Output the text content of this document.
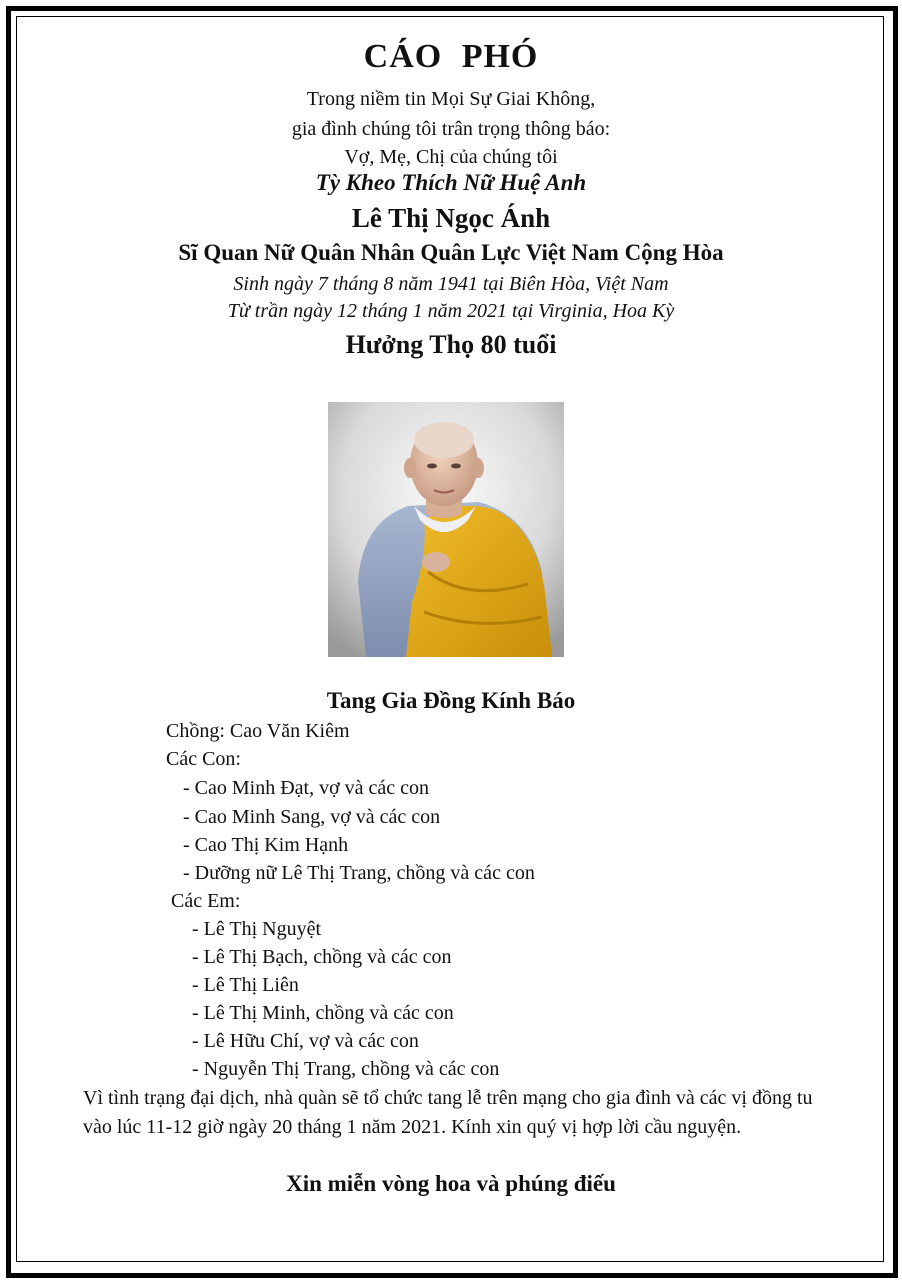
CÁO PHÓ
Trong niềm tin Mọi Sự Giai Không,
gia đình chúng tôi trân trọng thông báo:
Vợ, Mẹ, Chị của chúng tôi
Tỳ Kheo Thích Nữ Huệ Anh
Lê Thị Ngọc Ánh
Sĩ Quan Nữ Quân Nhân Quân Lực Việt Nam Cộng Hòa
Sinh ngày 7 tháng 8 năm 1941 tại Biên Hòa, Việt Nam
Từ trần ngày 12 tháng 1 năm 2021 tại Virginia, Hoa Kỳ
Hưởng Thọ 80 tuổi
Tang Gia Đồng Kính Báo
Chồng: Cao Văn Kiêm
Các Con:
- Cao Minh Đạt, vợ và các con
- Cao Minh Sang, vợ và các con
- Cao Thị Kim Hạnh
- Dưỡng nữ Lê Thị Trang, chồng và các con
Các Em:
- Lê Thị Nguyệt
- Lê Thị Bạch, chồng và các con
- Lê Thị Liên
- Lê Thị Minh, chồng và các con
- Lê Hữu Chí, vợ và các con
- Nguyễn Thị Trang, chồng và các con
Vì tình trạng đại dịch, nhà quàn sẽ tổ chức tang lễ trên mạng cho gia đình và các vị đồng tu vào lúc 11-12 giờ ngày 20 tháng 1 năm 2021. Kính xin quý vị hợp lời cầu nguyện.
Xin miễn vòng hoa và phúng điếu
